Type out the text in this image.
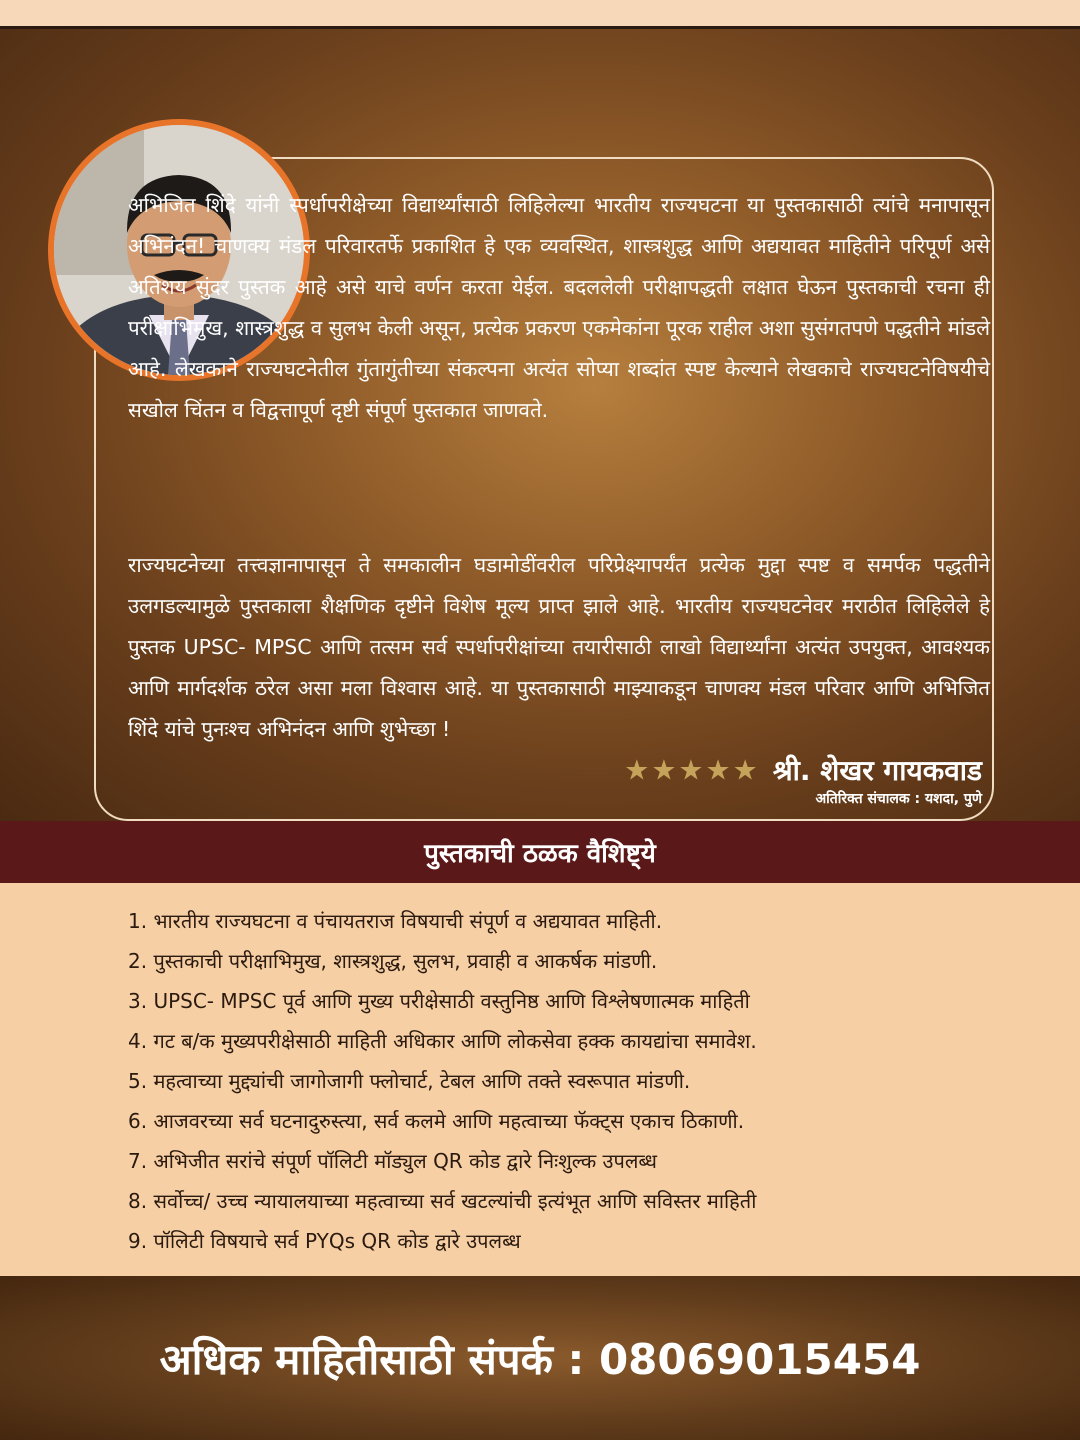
अभिजित शिंदे यांनी स्पर्धापरीक्षेच्या विद्यार्थ्यांसाठी लिहिलेल्या भारतीय राज्यघटना या पुस्तकासाठी त्यांचे मनापासून अभिनंदन! चाणक्य मंडल परिवारतर्फे प्रकाशित हे एक व्यवस्थित, शास्त्रशुद्ध आणि अद्ययावत माहितीने परिपूर्ण असे अतिशय सुंदर पुस्तक आहे असे याचे वर्णन करता येईल. बदललेली परीक्षापद्धती लक्षात घेऊन पुस्तकाची रचना ही परीक्षाभिमुख, शास्त्रशुद्ध व सुलभ केली असून, प्रत्येक प्रकरण एकमेकांना पूरक राहील अशा सुसंगतपणे पद्धतीने मांडले आहे. लेखकाने राज्यघटनेतील गुंतागुंतीच्या संकल्पना अत्यंत सोप्या शब्दांत स्पष्ट केल्याने लेखकाचे राज्यघटनेविषयीचे सखोल चिंतन व विद्वत्तापूर्ण दृष्टी संपूर्ण पुस्तकात जाणवते.

राज्यघटनेच्या तत्त्वज्ञानापासून ते समकालीन घडामोडींवरील परिप्रेक्ष्यापर्यंत प्रत्येक मुद्दा स्पष्ट व समर्पक पद्धतीने उलगडल्यामुळे पुस्तकाला शैक्षणिक दृष्टीने विशेष मूल्य प्राप्त झाले आहे. भारतीय राज्यघटनेवर मराठीत लिहिलेले हे पुस्तक UPSC- MPSC आणि तत्सम सर्व स्पर्धापरीक्षांच्या तयारीसाठी लाखो विद्यार्थ्यांना अत्यंत उपयुक्त, आवश्यक आणि मार्गदर्शक ठरेल असा मला विश्वास आहे. या पुस्तकासाठी माझ्याकडून चाणक्य मंडल परिवार आणि अभिजित शिंदे यांचे पुनःश्च अभिनंदन आणि शुभेच्छा !

★★★★★ श्री. शेखर गायकवाड
अतिरिक्त संचालक : यशदा, पुणे
पुस्तकाची ठळक वैशिष्ट्ये
1. भारतीय राज्यघटना व पंचायतराज विषयाची संपूर्ण व अद्ययावत माहिती.
2. पुस्तकाची परीक्षाभिमुख, शास्त्रशुद्ध, सुलभ, प्रवाही व आकर्षक मांडणी.
3. UPSC- MPSC पूर्व आणि मुख्य परीक्षेसाठी वस्तुनिष्ठ आणि विश्लेषणात्मक माहिती
4. गट ब/क मुख्यपरीक्षेसाठी माहिती अधिकार आणि लोकसेवा हक्क कायद्यांचा समावेश.
5. महत्वाच्या मुद्द्यांची जागोजागी फ्लोचार्ट, टेबल आणि तक्ते स्वरूपात मांडणी.
6. आजवरच्या सर्व घटनादुरुस्त्या, सर्व कलमे आणि महत्वाच्या फॅक्ट्स एकाच ठिकाणी.
7. अभिजीत सरांचे संपूर्ण पॉलिटी मॉड्युल QR कोड द्वारे निःशुल्क उपलब्ध
8. सर्वोच्च/ उच्च न्यायालयाच्या महत्वाच्या सर्व खटल्यांची इत्यंभूत आणि सविस्तर माहिती
9. पॉलिटी विषयाचे सर्व PYQs QR कोड द्वारे उपलब्ध
अधिक माहितीसाठी संपर्क : 08069015454
